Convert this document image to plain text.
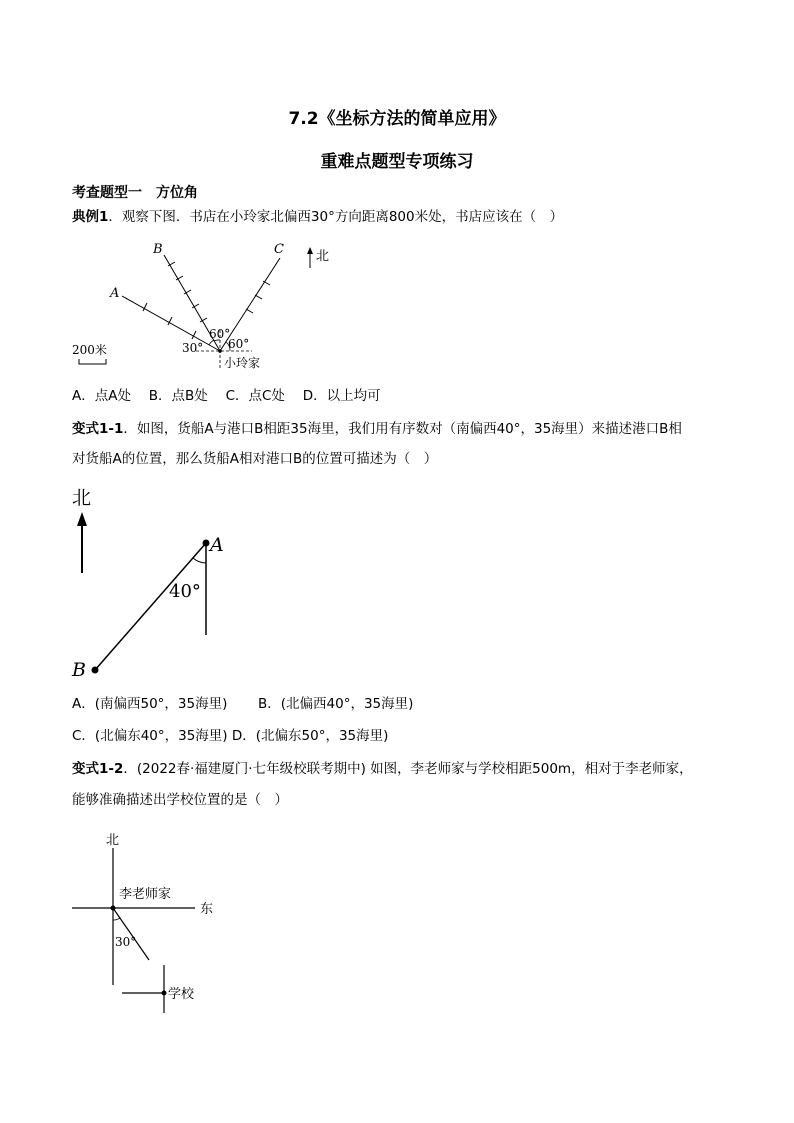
7.2《坐标方法的简单应用》
重难点题型专项练习
考查题型一　方位角
典例1．观察下图．书店在小玲家北偏西30°方向距离800米处，书店应该在（　）
A
B	C
30°
60°
60°
小玲家
北
200米
A．点A处　 B．点B处　 C．点C处　 D．以上均可
变式1-1．如图，货船A与港口B相距35海里，我们用有序数对（南偏西40°，35海里）来描述港口B相
对货船A的位置，那么货船A相对港口B的位置可描述为（　）
北
A
B
40°
A．(南偏西50°，35海里) B．(北偏西40°，35海里)
C．(北偏东40°，35海里) D．(北偏东50°，35海里)
变式1-2．(2022春·福建厦门·七年级校联考期中) 如图，李老师家与学校相距500m，相对于李老师家，
能够准确描述出学校位置的是（　）
北
东
李老师家
30°
学校
